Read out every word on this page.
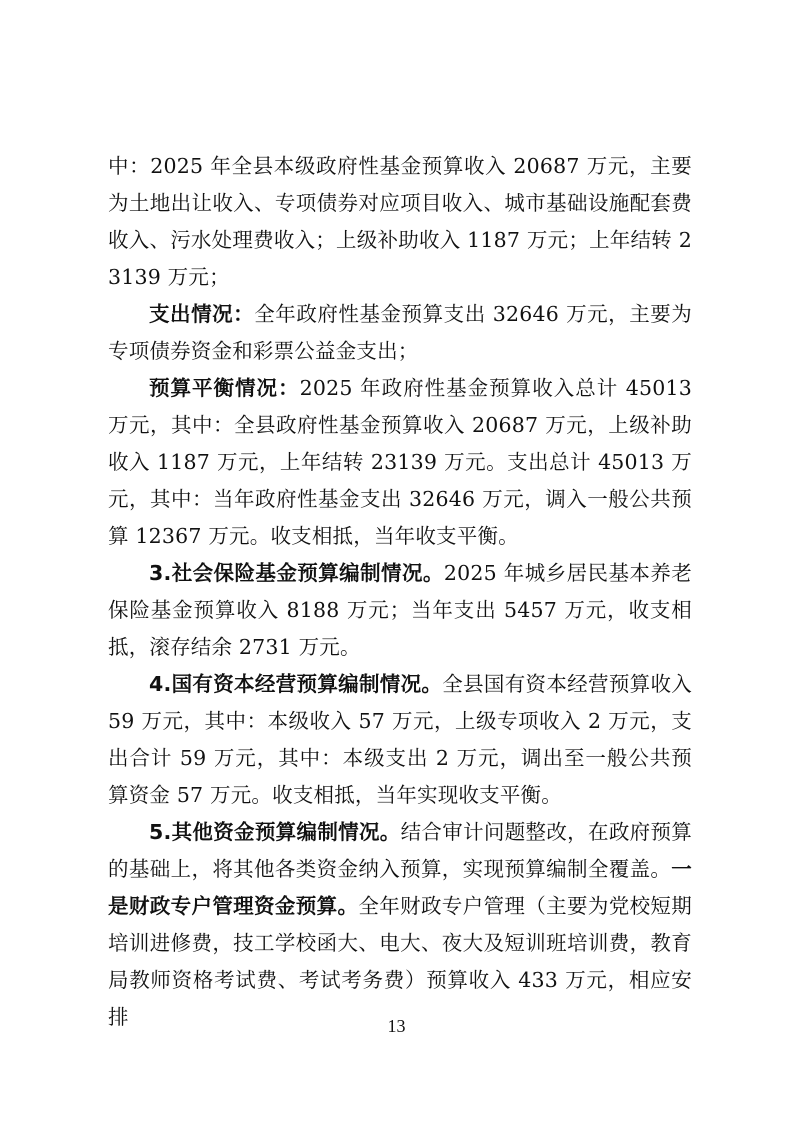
中：2025 年全县本级政府性基金预算收入 20687 万元，主要为土地出让收入、专项债券对应项目收入、城市基础设施配套费收入、污水处理费收入；上级补助收入 1187 万元；上年结转 23139 万元；

支出情况：全年政府性基金预算支出 32646 万元，主要为专项债券资金和彩票公益金支出；

预算平衡情况：2025 年政府性基金预算收入总计 45013 万元，其中：全县政府性基金预算收入 20687 万元，上级补助收入 1187 万元，上年结转 23139 万元。支出总计 45013 万元，其中：当年政府性基金支出 32646 万元，调入一般公共预算 12367 万元。收支相抵，当年收支平衡。

3.社会保险基金预算编制情况。2025 年城乡居民基本养老保险基金预算收入 8188 万元；当年支出 5457 万元，收支相抵，滚存结余 2731 万元。

4.国有资本经营预算编制情况。全县国有资本经营预算收入 59 万元，其中：本级收入 57 万元，上级专项收入 2 万元，支出合计 59 万元，其中：本级支出 2 万元，调出至一般公共预算资金 57 万元。收支相抵，当年实现收支平衡。

5.其他资金预算编制情况。结合审计问题整改，在政府预算的基础上，将其他各类资金纳入预算，实现预算编制全覆盖。一是财政专户管理资金预算。全年财政专户管理（主要为党校短期培训进修费，技工学校函大、电大、夜大及短训班培训费，教育局教师资格考试费、考试考务费）预算收入 433 万元，相应安排	13
